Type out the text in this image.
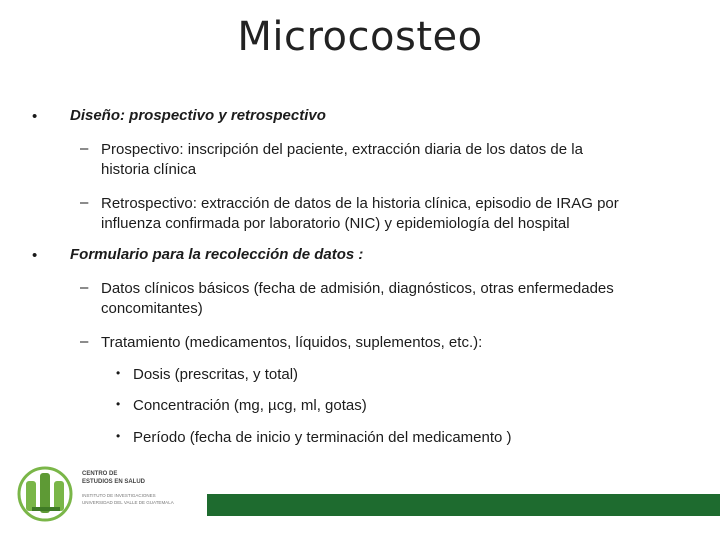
Microcosteo
• Diseño: prospectivo y retrospectivo
– Prospectivo: inscripción del paciente, extracción diaria de los datos de la
historia clínica
– Retrospectivo: extracción de datos de la historia clínica, episodio de IRAG por
influenza confirmada por laboratorio (NIC) y epidemiología del hospital
• Formulario para la recolección de datos :
– Datos clínicos básicos (fecha de admisión, diagnósticos, otras enfermedades
concomitantes)
– Tratamiento (medicamentos, líquidos, suplementos, etc.):
• Dosis (prescritas, y total)
• Concentración (mg, µcg, ml, gotas)
• Período (fecha de inicio y terminación del medicamento )
CENTRO DE
ESTUDIOS EN SALUD
INSTITUTO DE INVESTIGACIONES
UNIVERSIDAD DEL VALLE DE GUATEMALA
